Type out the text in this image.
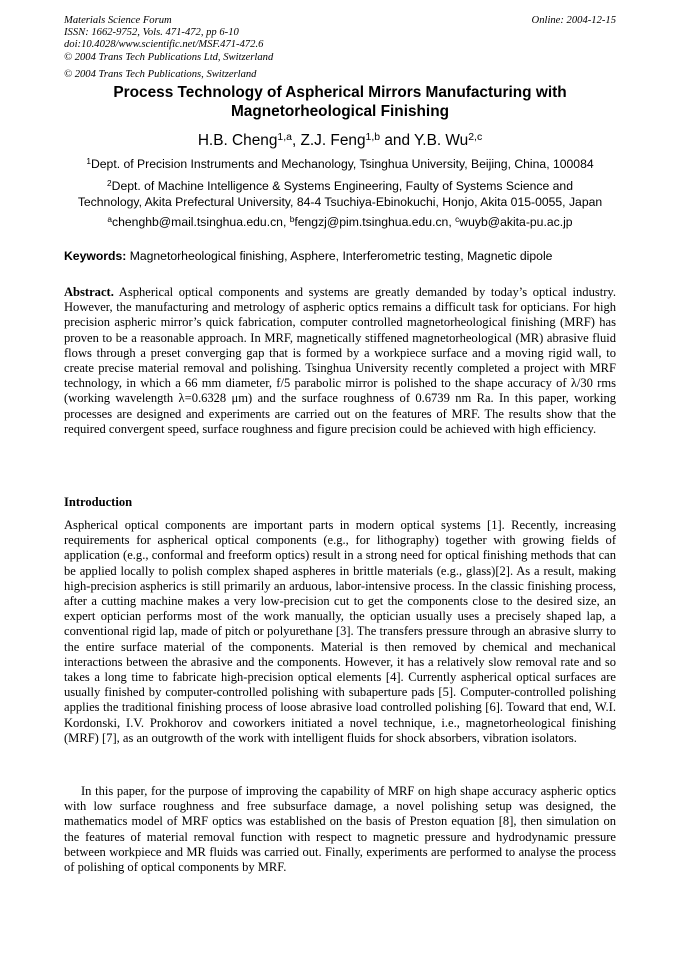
Materials Science Forum	Online: 2004-12-15
ISSN: 1662-9752, Vols. 471-472, pp 6-10
doi:10.4028/www.scientific.net/MSF.471-472.6
© 2004 Trans Tech Publications Ltd, Switzerland
© 2004 Trans Tech Publications, Switzerland
Process Technology of Aspherical Mirrors Manufacturing with
Magnetorheological Finishing
H.B. Cheng$^{1,a}$, Z.J. Feng$^{1,b}$ and Y.B. Wu$^{2,c}$
$^1$Dept. of Precision Instruments and Mechanology, Tsinghua University, Beijing, China, 100084
$^2$Dept. of Machine Intelligence & Systems Engineering, Faulty of Systems Science and
Technology, Akita Prefectural University, 84-4 Tsuchiya-Ebinokuchi, Honjo, Akita 015-0055, Japan
$^a$chenghb@mail.tsinghua.edu.cn, $^b$fengzj@pim.tsinghua.edu.cn, $^c$wuyb@akita-pu.ac.jp
Keywords: Magnetorheological finishing, Asphere, Interferometric testing, Magnetic dipole
Abstract. Aspherical optical components and systems are greatly demanded by today’s optical industry. However, the manufacturing and metrology of aspheric optics remains a difficult task for opticians. For high precision aspheric mirror’s quick fabrication, computer controlled magnetorheological finishing (MRF) has proven to be a reasonable approach. In MRF, magnetically stiffened magnetorheological (MR) abrasive fluid flows through a preset converging gap that is formed by a workpiece surface and a moving rigid wall, to create precise material removal and polishing. Tsinghua University recently completed a project with MRF technology, in which a 66 mm diameter, f/5 parabolic mirror is polished to the shape accuracy of λ/30 rms (working wavelength λ=0.6328 μm) and the surface roughness of 0.6739 nm Ra. In this paper, working processes are designed and experiments are carried out on the features of MRF. The results show that the required convergent speed, surface roughness and figure precision could be achieved with high efficiency.
Introduction
Aspherical optical components are important parts in modern optical systems [1]. Recently, increasing requirements for aspherical optical components (e.g., for lithography) together with growing fields of application (e.g., conformal and freeform optics) result in a strong need for optical finishing methods that can be applied locally to polish complex shaped aspheres in brittle materials (e.g., glass)[2]. As a result, making high-precision aspherics is still primarily an arduous, labor-intensive process. In the classic finishing process, after a cutting machine makes a very low-precision cut to get the components close to the desired size, an expert optician performs most of the work manually, the optician usually uses a precisely shaped lap, a conventional rigid lap, made of pitch or polyurethane [3]. The transfers pressure through an abrasive slurry to the entire surface material of the components. Material is then removed by chemical and mechanical interactions between the abrasive and the components. However, it has a relatively slow removal rate and so takes a long time to fabricate high-precision optical elements [4]. Currently aspherical optical surfaces are usually finished by computer-controlled polishing with subaperture pads [5]. Computer-controlled polishing applies the traditional finishing process of loose abrasive load controlled polishing [6]. Toward that end, W.I. Kordonski, I.V. Prokhorov and coworkers initiated a novel technique, i.e., magnetorheological finishing (MRF) [7], as an outgrowth of the work with intelligent fluids for shock absorbers, vibration isolators.
In this paper, for the purpose of improving the capability of MRF on high shape accuracy aspheric optics with low surface roughness and free subsurface damage, a novel polishing setup was designed, the mathematics model of MRF optics was established on the basis of Preston equation [8], then simulation on the features of material removal function with respect to magnetic pressure and hydrodynamic pressure between workpiece and MR fluids was carried out. Finally, experiments are performed to analyse the process of polishing of optical components by MRF.
